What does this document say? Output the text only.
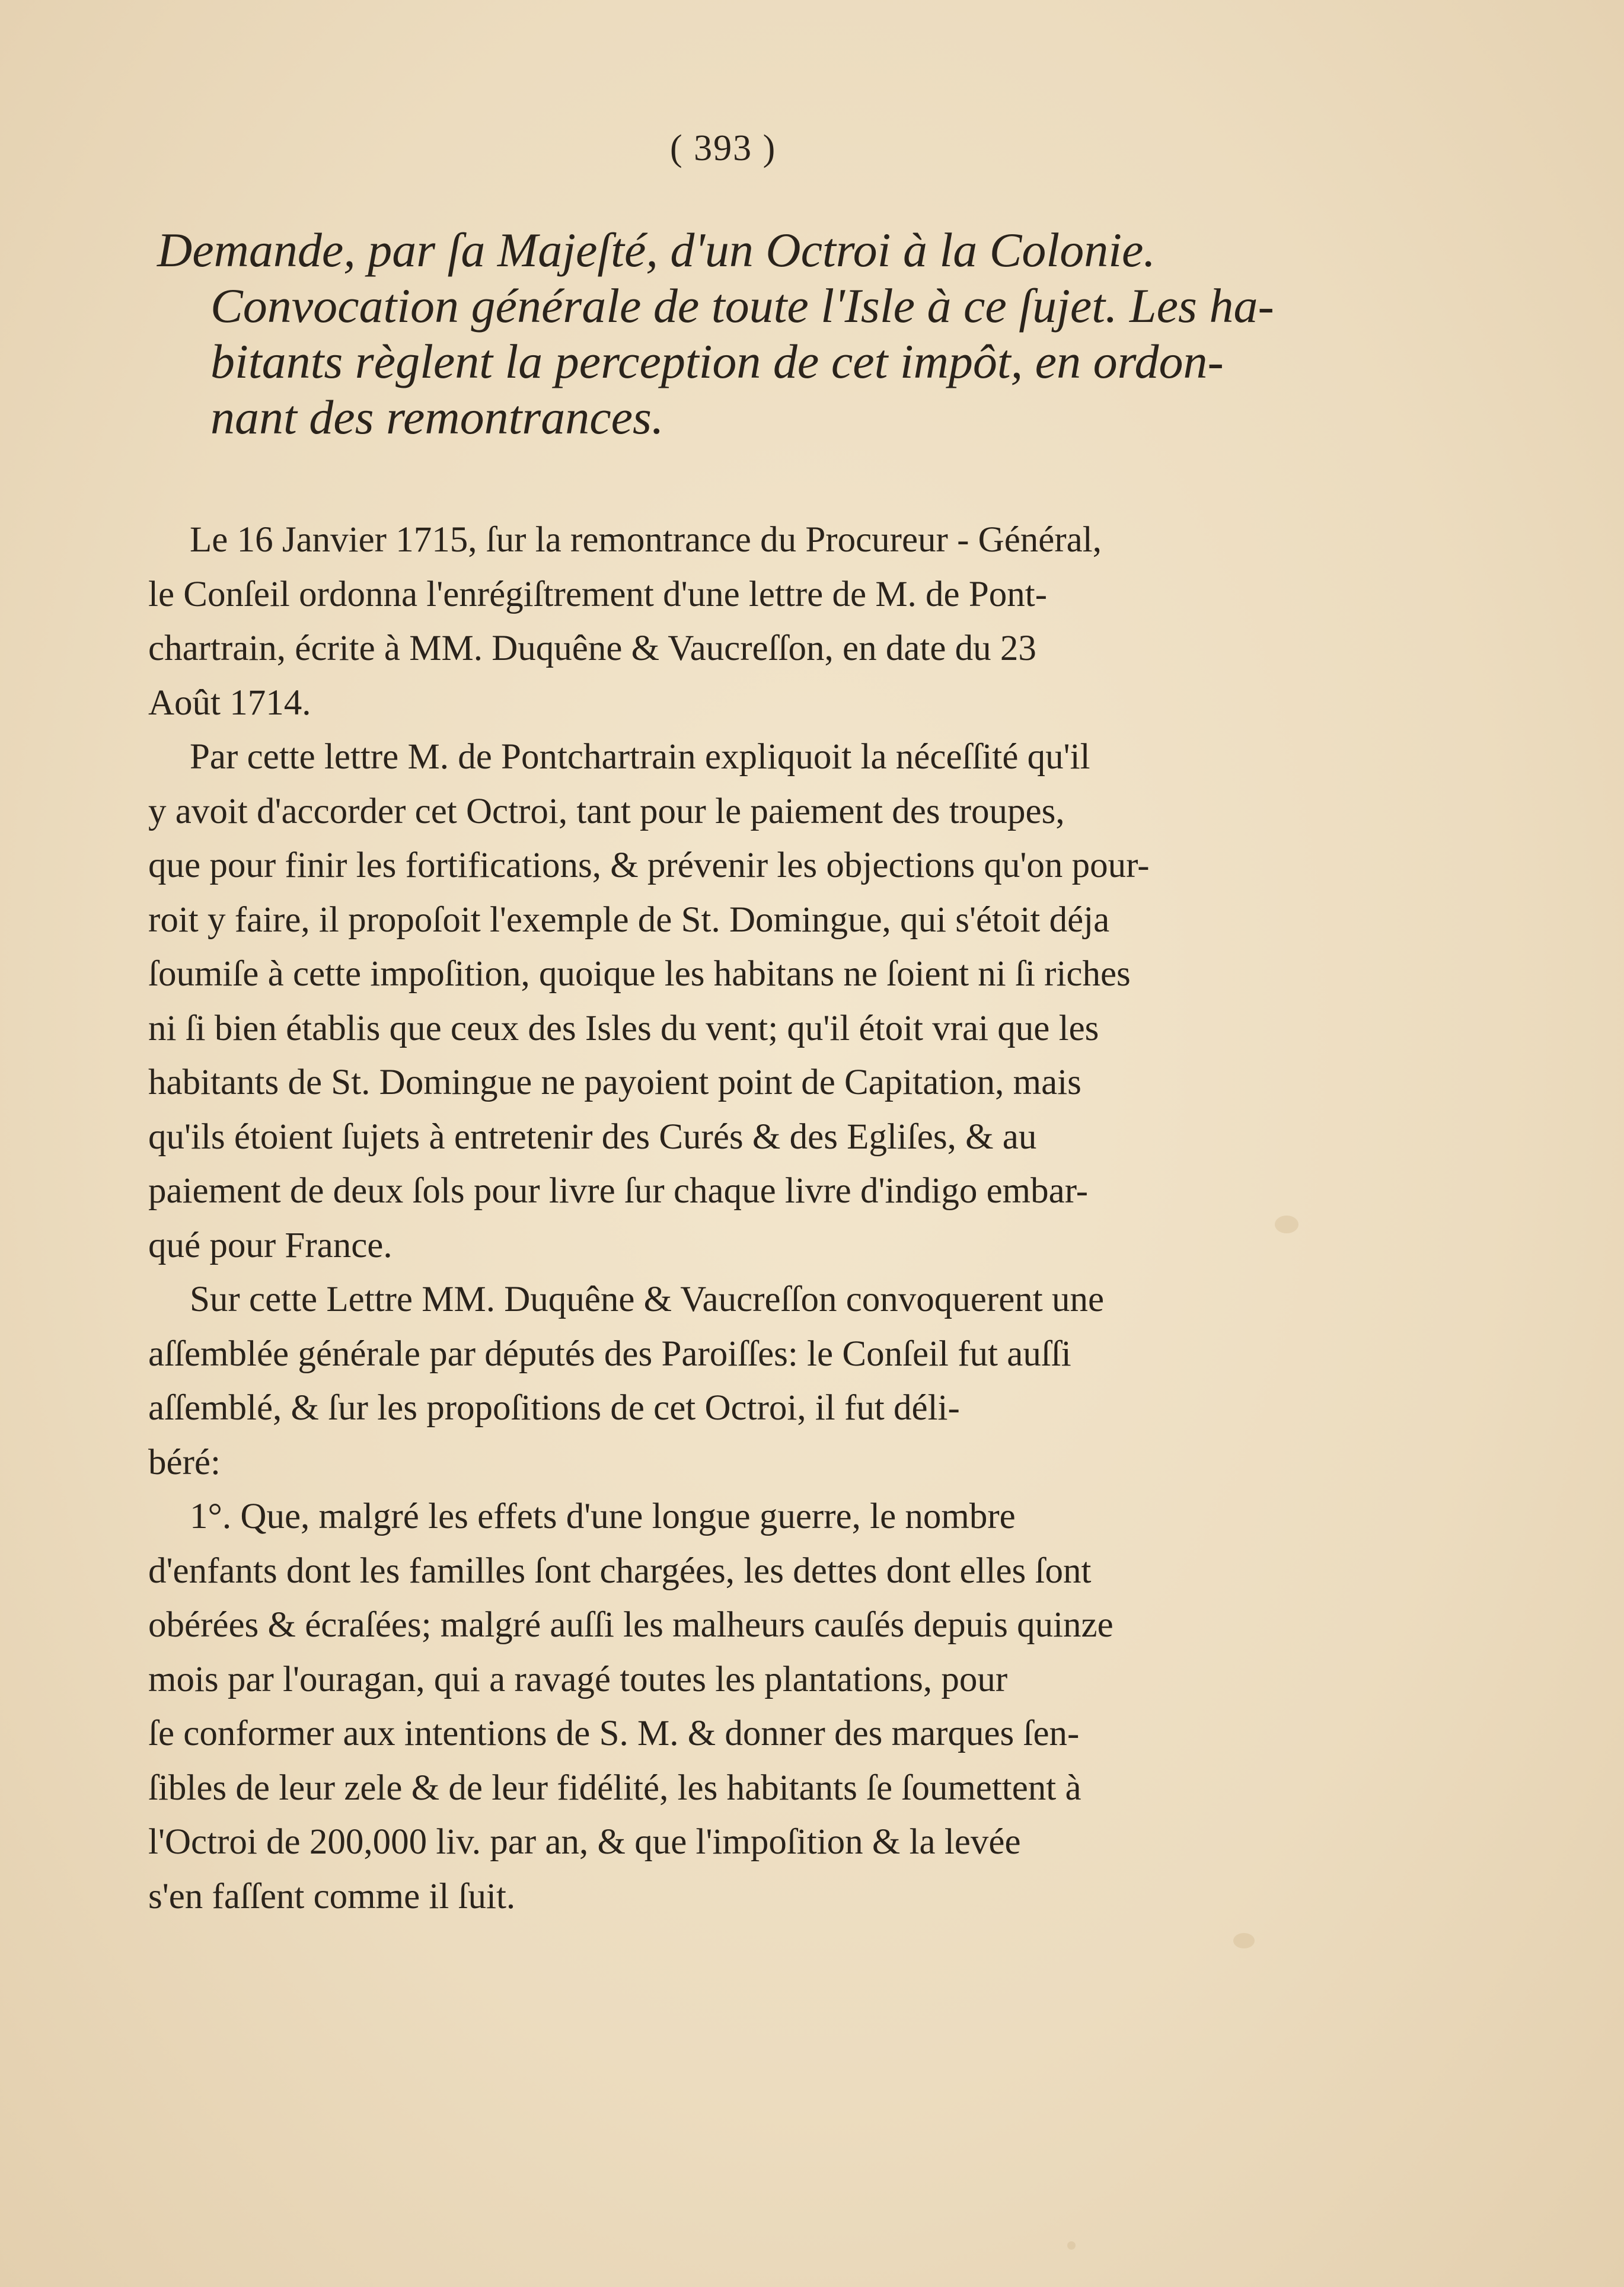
( 393 )
Demande, par ſa Majeſté, d'un Octroi à la Colonie.
Convocation générale de toute l'Isle à ce ſujet. Les ha-
bitants règlent la perception de cet impôt, en ordon-
nant des remontrances.
Le 16 Janvier 1715, ſur la remontrance du Procureur - Général,
le Conſeil ordonna l'enrégiſtrement d'une lettre de M. de Pont-
chartrain, écrite à MM. Duquêne & Vaucreſſon, en date du 23
Août 1714.
Par cette lettre M. de Pontchartrain expliquoit la néceſſité qu'il
y avoit d'accorder cet Octroi, tant pour le paiement des troupes,
que pour finir les fortifications, & prévenir les objections qu'on pour-
roit y faire, il propoſoit l'exemple de St. Domingue, qui s'étoit déja
ſoumiſe à cette impoſition, quoique les habitans ne ſoient ni ſi riches
ni ſi bien établis que ceux des Isles du vent; qu'il étoit vrai que les
habitants de St. Domingue ne payoient point de Capitation, mais
qu'ils étoient ſujets à entretenir des Curés & des Egliſes, & au
paiement de deux ſols pour livre ſur chaque livre d'indigo embar-
qué pour France.
Sur cette Lettre MM. Duquêne & Vaucreſſon convoquerent une
aſſemblée générale par députés des Paroiſſes: le Conſeil fut auſſi
aſſemblé, & ſur les propoſitions de cet Octroi, il fut déli-
béré:
1°. Que, malgré les effets d'une longue guerre, le nombre
d'enfants dont les familles ſont chargées, les dettes dont elles ſont
obérées & écraſées; malgré auſſi les malheurs cauſés depuis quinze
mois par l'ouragan, qui a ravagé toutes les plantations, pour
ſe conformer aux intentions de S. M. & donner des marques ſen-
ſibles de leur zele & de leur fidélité, les habitants ſe ſoumettent à
l'Octroi de 200,000 liv. par an, & que l'impoſition & la levée
s'en faſſent comme il ſuit.
